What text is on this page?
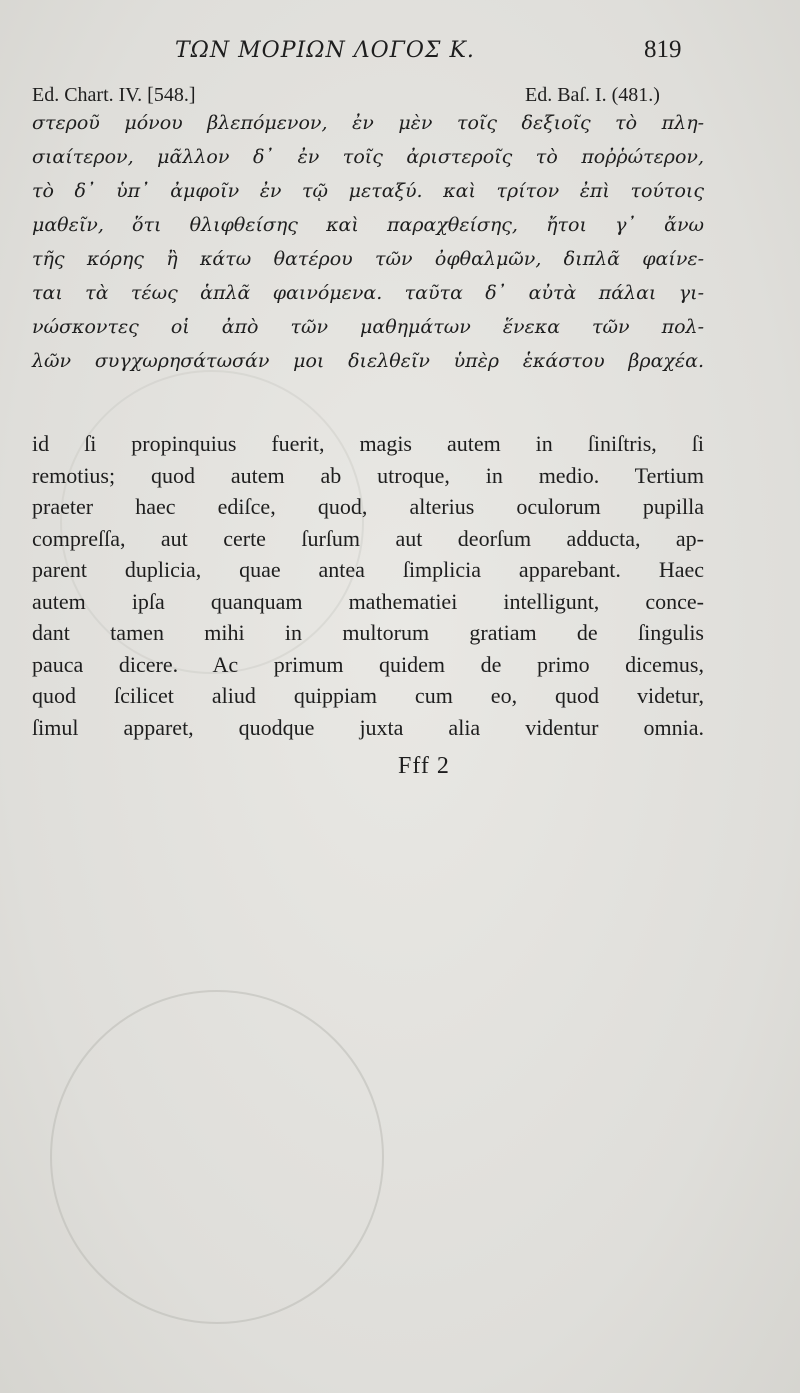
ΤΩΝ ΜΟΡΙΩΝ ΛΟΓΟΣ Κ.	819
Ed. Chart. IV. [548.]	Ed. Baſ. I. (481.)
στεροῦ μόνου βλεπόμενον, ἐν μὲν τοῖς δεξιοῖς τὸ πλη-
σιαίτερον, μᾶλλον δ᾽ ἐν τοῖς ἀριστεροῖς τὸ ποῤῥώτερον,
τὸ δ᾽ ὑπ᾽ ἀμφοῖν ἐν τῷ μεταξύ. καὶ τρίτον ἐπὶ τούτοις
μαθεῖν, ὅτι θλιφθείσης καὶ παραχθείσης, ἤτοι γ᾽ ἄνω
τῆς κόρης ἢ κάτω θατέρου τῶν ὀφθαλμῶν, διπλᾶ φαίνε-
ται τὰ τέως ἁπλᾶ φαινόμενα. ταῦτα δ᾽ αὐτὰ πάλαι γι-
νώσκοντες οἱ ἀπὸ τῶν μαθημάτων ἕνεκα τῶν πολ-
λῶν συγχωρησάτωσάν μοι διελθεῖν ὑπὲρ ἑκάστου βραχέα.
id ſi propinquius fuerit, magis autem in ſiniſtris, ſi
remotius; quod autem ab utroque, in medio. Tertium
praeter haec ediſce, quod, alterius oculorum pupilla
compreſſa, aut certe ſurſum aut deorſum adducta, ap-
parent duplicia, quae antea ſimplicia apparebant. Haec
autem ipſa quanquam mathematiei intelligunt, conce-
dant tamen mihi in multorum gratiam de ſingulis
pauca dicere. Ac primum quidem de primo dicemus,
quod ſcilicet aliud quippiam cum eo, quod videtur,
ſimul apparet, quodque juxta alia videntur omnia.
Fff 2
